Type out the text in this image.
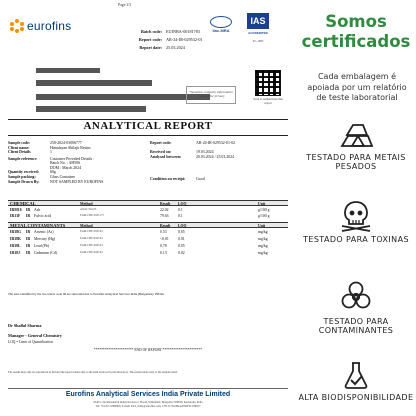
Page 1/3
eurofins	ilac-MRA
IAS
ACCREDITED
TL-1097
Batch code: EUINBA-00181783
Report code: AR-24-IR-029532-01
Report date: 25.03.2024
*Sensitive company information redacted for privacy
Scan to authenticate this report
ANALYTICAL REPORT
Sample code:	258-2024-03006777
Client name:	Himalayan Shilajit Resins
Client Details	1
Sample reference	Customer Provided Details :
Batch No. : AH506
DOM : March 2024
Quantity received:	60g
Sample packing:	Glass Container
Sample Drawn By:	NOT SAMPLED BY EUROFINS
Report code:	AR-24-IR-029532-01-02
Received on:	19.03.2024
Analysed between:	20.03.2024 / 25.03.2024
Condition on receipt:	Good
CHEMICAL	Method	Result LOQ	Unit
IRM16 IR Ash	AOAC 942.05	22.02 0.1	g/100 g
IR13F IR Fulvic acid	EAM-CHE-SOP-175	79.63 0.1	g/100 g
METAL CONTAMINANTS	Method	Result LOQ	Unit
IR38G IR Arsenic (As)	EAM-CHE-SOP-94	0.53	0.05	mg/kg
IR38K IR Mercury (Hg)	EAM-CHE-SOP-94	<0.01 0.01	mg/kg
IR38L IR Lead (Pb)	EAM-CHE-SOP-94	0.78	0.05	mg/kg
IR38J IR Cadmium (Cd)	EAM-CHE-SOP-94	0.13	0.02	mg/kg
The tests identified by the two letters code IR are subcontracted to Eurofins Analytical Services India (Bengaluru). INDIA
Dr Shallal Sharma
Manager - General Chemistry
LOQ = Limit of Quantification
********************** END OF REPORT **********************
The results may only be reproduced in full and the report relates only to the item received by the laboratory. The results relate only to the sample tested.
Eurofins Analytical Services India Private Limited
#540/1, Doddanakundi Industrial Area 2, Hoodi, Whitefield, Bengaluru 560048, Karnataka, India
Tel: +91 80 41080800, E-mail: EAS_India@eurofins.com, CIN: U73100KA2006PTC038957
Somos certificados
Cada embalagem é apoiada por um relatório de teste laboratorial
TESTADO PARA METAIS PESADOS
TESTADO PARA TOXINAS
TESTADO PARA CONTAMINANTES
ALTA BIODISPONIBILIDADE
